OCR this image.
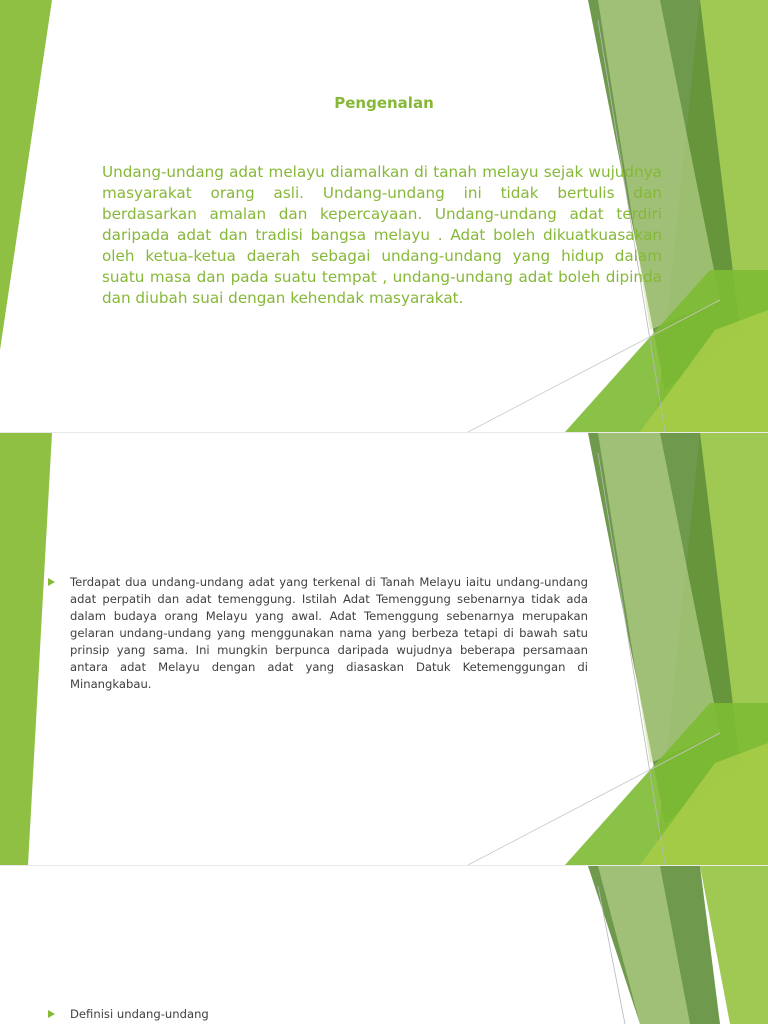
Pengenalan

Undang-undang adat melayu diamalkan di tanah melayu sejak wujudnya masyarakat orang asli. Undang-undang ini tidak bertulis dan berdasarkan amalan dan kepercayaan. Undang-undang adat terdiri daripada adat dan tradisi bangsa melayu . Adat boleh dikuatkuasakan oleh ketua-ketua daerah sebagai undang-undang yang hidup dalam suatu masa dan pada suatu tempat , undang-undang adat boleh dipinda dan diubah suai dengan kehendak masyarakat.

Terdapat dua undang-undang adat yang terkenal di Tanah Melayu iaitu undang-undang adat perpatih dan adat temenggung. Istilah Adat Temenggung sebenarnya tidak ada dalam budaya orang Melayu yang awal. Adat Temenggung sebenarnya merupakan gelaran undang-undang yang menggunakan nama yang berbeza tetapi di bawah satu prinsip yang sama. Ini mungkin berpunca daripada wujudnya beberapa persamaan antara adat Melayu dengan adat yang diasaskan Datuk Ketemenggungan di Minangkabau.
Definisi undang-undang
